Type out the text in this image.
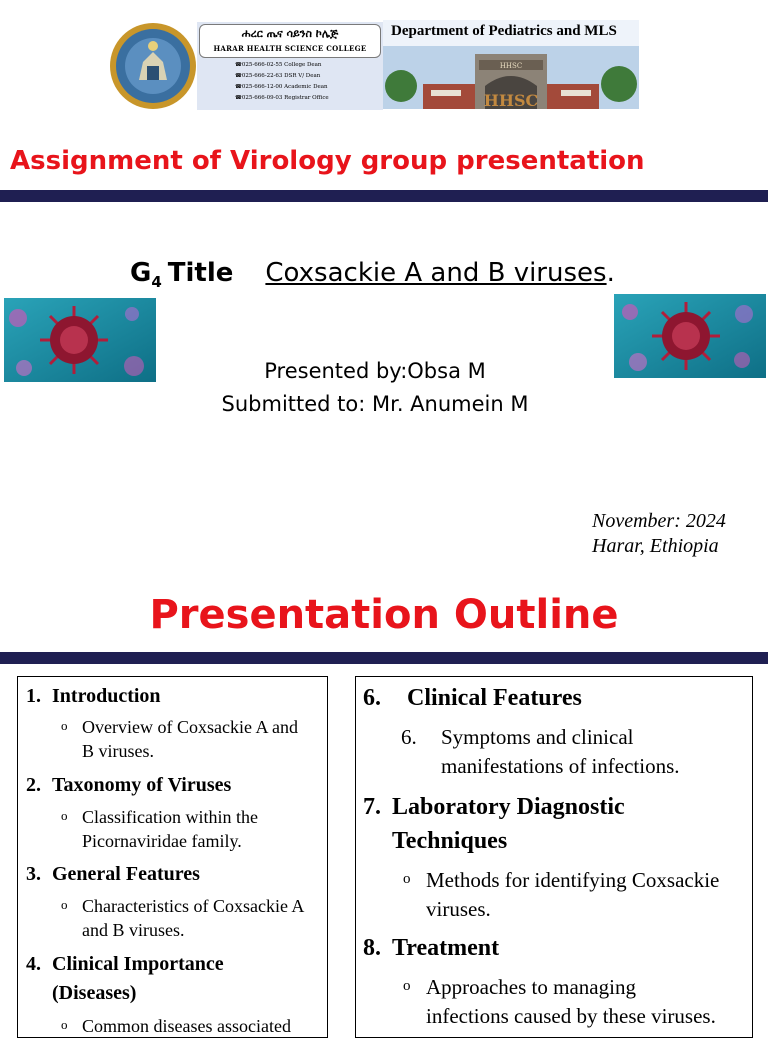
ሐረር ጤና ሳይንስ ኮሌጅ
HARAR HEALTH SCIENCE COLLEGE
☎025-666-02-55 College Dean
☎025-666-22-63 DSR V/ Dean
☎025-666-12-00 Academic Dean
☎025-666-09-03 Registrar Office
Department of Pediatrics and MLS
HHSC
HHSC
Assignment of Virology group presentation
$G_4$ Title Coxsackie A and B viruses.
Presented by:Obsa M
Submitted to: Mr. Anumein M
November: 2024
Harar, Ethiopia
Presentation Outline
1. Introduction
o Overview of Coxsackie A and
B viruses.
2. Taxonomy of Viruses
o Classification within the
Picornaviridae family.
3. General Features
o Characteristics of Coxsackie A
and B viruses.
4. Clinical Importance
(Diseases)
o Common diseases associated
6. Clinical Features
6. Symptoms and clinical
manifestations of infections.
7. Laboratory Diagnostic
Techniques
o Methods for identifying Coxsackie
viruses.
8. Treatment
o Approaches to managing
infections caused by these viruses.
